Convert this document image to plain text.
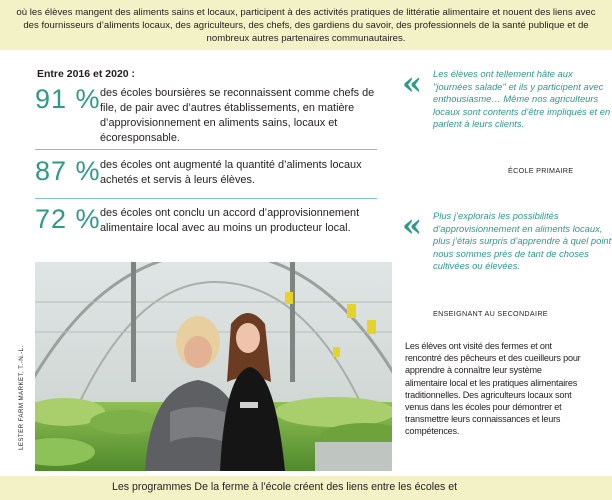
où les élèves mangent des aliments sains et locaux, participent à des activités pratiques de littératie alimentaire et nouent des liens avec des fournisseurs d’aliments locaux, des agriculteurs, des chefs, des gardiens du savoir, des professionnels de la santé publique et de nombreux autres partenaires communautaires.

Entre 2016 et 2020 :
91 % des écoles boursières se reconnaissent comme chefs de file, de pair avec d’autres établissements, en matière d’approvisionnement en aliments sains, locaux et écoresponsable.
87 % des écoles ont augmenté la quantité d’aliments locaux achetés et servis à leurs élèves.
72 % des écoles ont conclu un accord d’approvisionnement alimentaire local avec au moins un producteur local.
« Les élèves ont tellement hâte aux "journées salade" et ils y participent avec enthousiasme… Même nos agriculteurs locaux sont contents d’être impliqués et en parlent à leurs clients.
ÉCOLE PRIMAIRE
« Plus j’explorais les possibilités d’approvisionnement en aliments locaux, plus j’étais surpris d’apprendre à quel point nous sommes près de tant de choses cultivées ou élevées.
ENSEIGNANT AU SECONDAIRE
Les élèves ont visité des fermes et ont rencontré des pêcheurs et des cueilleurs pour apprendre à connaître leur système alimentaire local et les pratiques alimentaires traditionnelles. Des agriculteurs locaux sont venus dans les écoles pour démontrer et transmettre leurs connaissances et leurs compétences.
LESTER FARM MARKET, T.-N.-L.

Les programmes De la ferme à l’école créent des liens entre les écoles et
